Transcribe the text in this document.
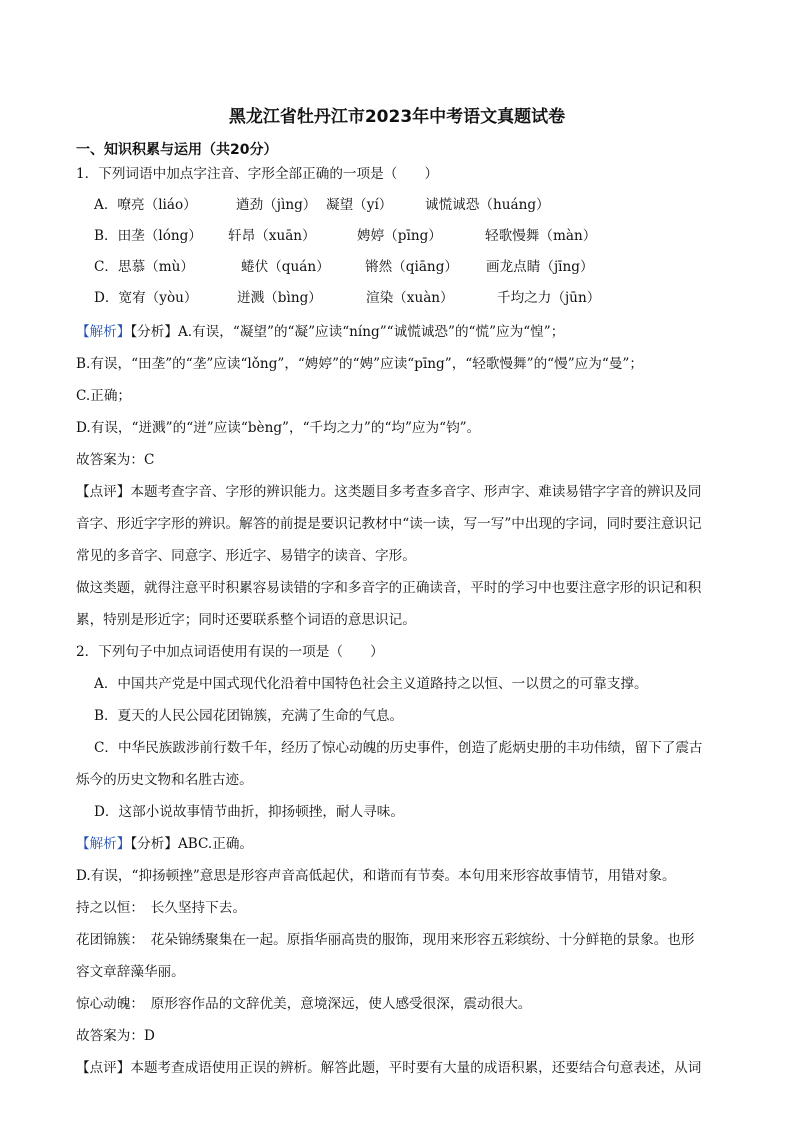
黑龙江省牡丹江市2023年中考语文真题试卷
一、知识积累与运用（共20分）
1．下列词语中加点字注音、字形全部正确的一项是（　　）
A．嘹亮（liáo）	遒劲（jìng） 凝望（yí） 诚慌诚恐（huáng）
B．田垄（lóng） 轩昂（xuān）	娉婷（pīng）	轻歌慢舞（màn）
C．思慕（mù）	蜷伏（quán）	锵然（qiāng） 画龙点睛（jīng）
D．宽宥（yòu）	迸溅（bìng）	渲染（xuàn）	千均之力（jūn）
【解析】【分析】A.有误，“凝望”的“凝”应读“níng”“诚慌诚恐”的“慌”应为“惶”；
B.有误，“田垄”的“垄”应读“lǒng”，“娉婷”的“娉”应读“pīng”，“轻歌慢舞”的“慢”应为“曼”；
C.正确；
D.有误，“迸溅”的“迸”应读“bèng”，“千均之力”的“均”应为“钧”。
故答案为：C
【点评】本题考查字音、字形的辨识能力。这类题目多考查多音字、形声字、难读易错字字音的辨识及同
音字、形近字字形的辨识。解答的前提是要识记教材中“读一读，写一写”中出现的字词，同时要注意识记
常见的多音字、同意字、形近字、易错字的读音、字形。
做这类题，就得注意平时积累容易读错的字和多音字的正确读音，平时的学习中也要注意字形的识记和积
累，特别是形近字；同时还要联系整个词语的意思识记。
2．下列句子中加点词语使用有误的一项是（　　）
A．中国共产党是中国式现代化沿着中国特色社会主义道路持之以恒、一以贯之的可靠支撑。
B．夏天的人民公园花团锦簇，充满了生命的气息。
C．中华民族跋涉前行数千年，经历了惊心动魄的历史事件，创造了彪炳史册的丰功伟绩，留下了震古
烁今的历史文物和名胜古迹。
D．这部小说故事情节曲折，抑扬顿挫，耐人寻味。
【解析】【分析】ABC.正确。
D.有误，“抑扬顿挫”意思是形容声音高低起伏，和谐而有节奏。本句用来形容故事情节，用错对象。
持之以恒：　长久坚持下去。
花团锦簇：　花朵锦绣聚集在一起。原指华丽高贵的服饰，现用来形容五彩缤纷、十分鲜艳的景象。也形
容文章辞藻华丽。
惊心动魄：　原形容作品的文辞优美，意境深远，使人感受很深，震动很大。
故答案为：D
【点评】本题考查成语使用正误的辨析。解答此题，平时要有大量的成语积累，还要结合句意表述，从词
